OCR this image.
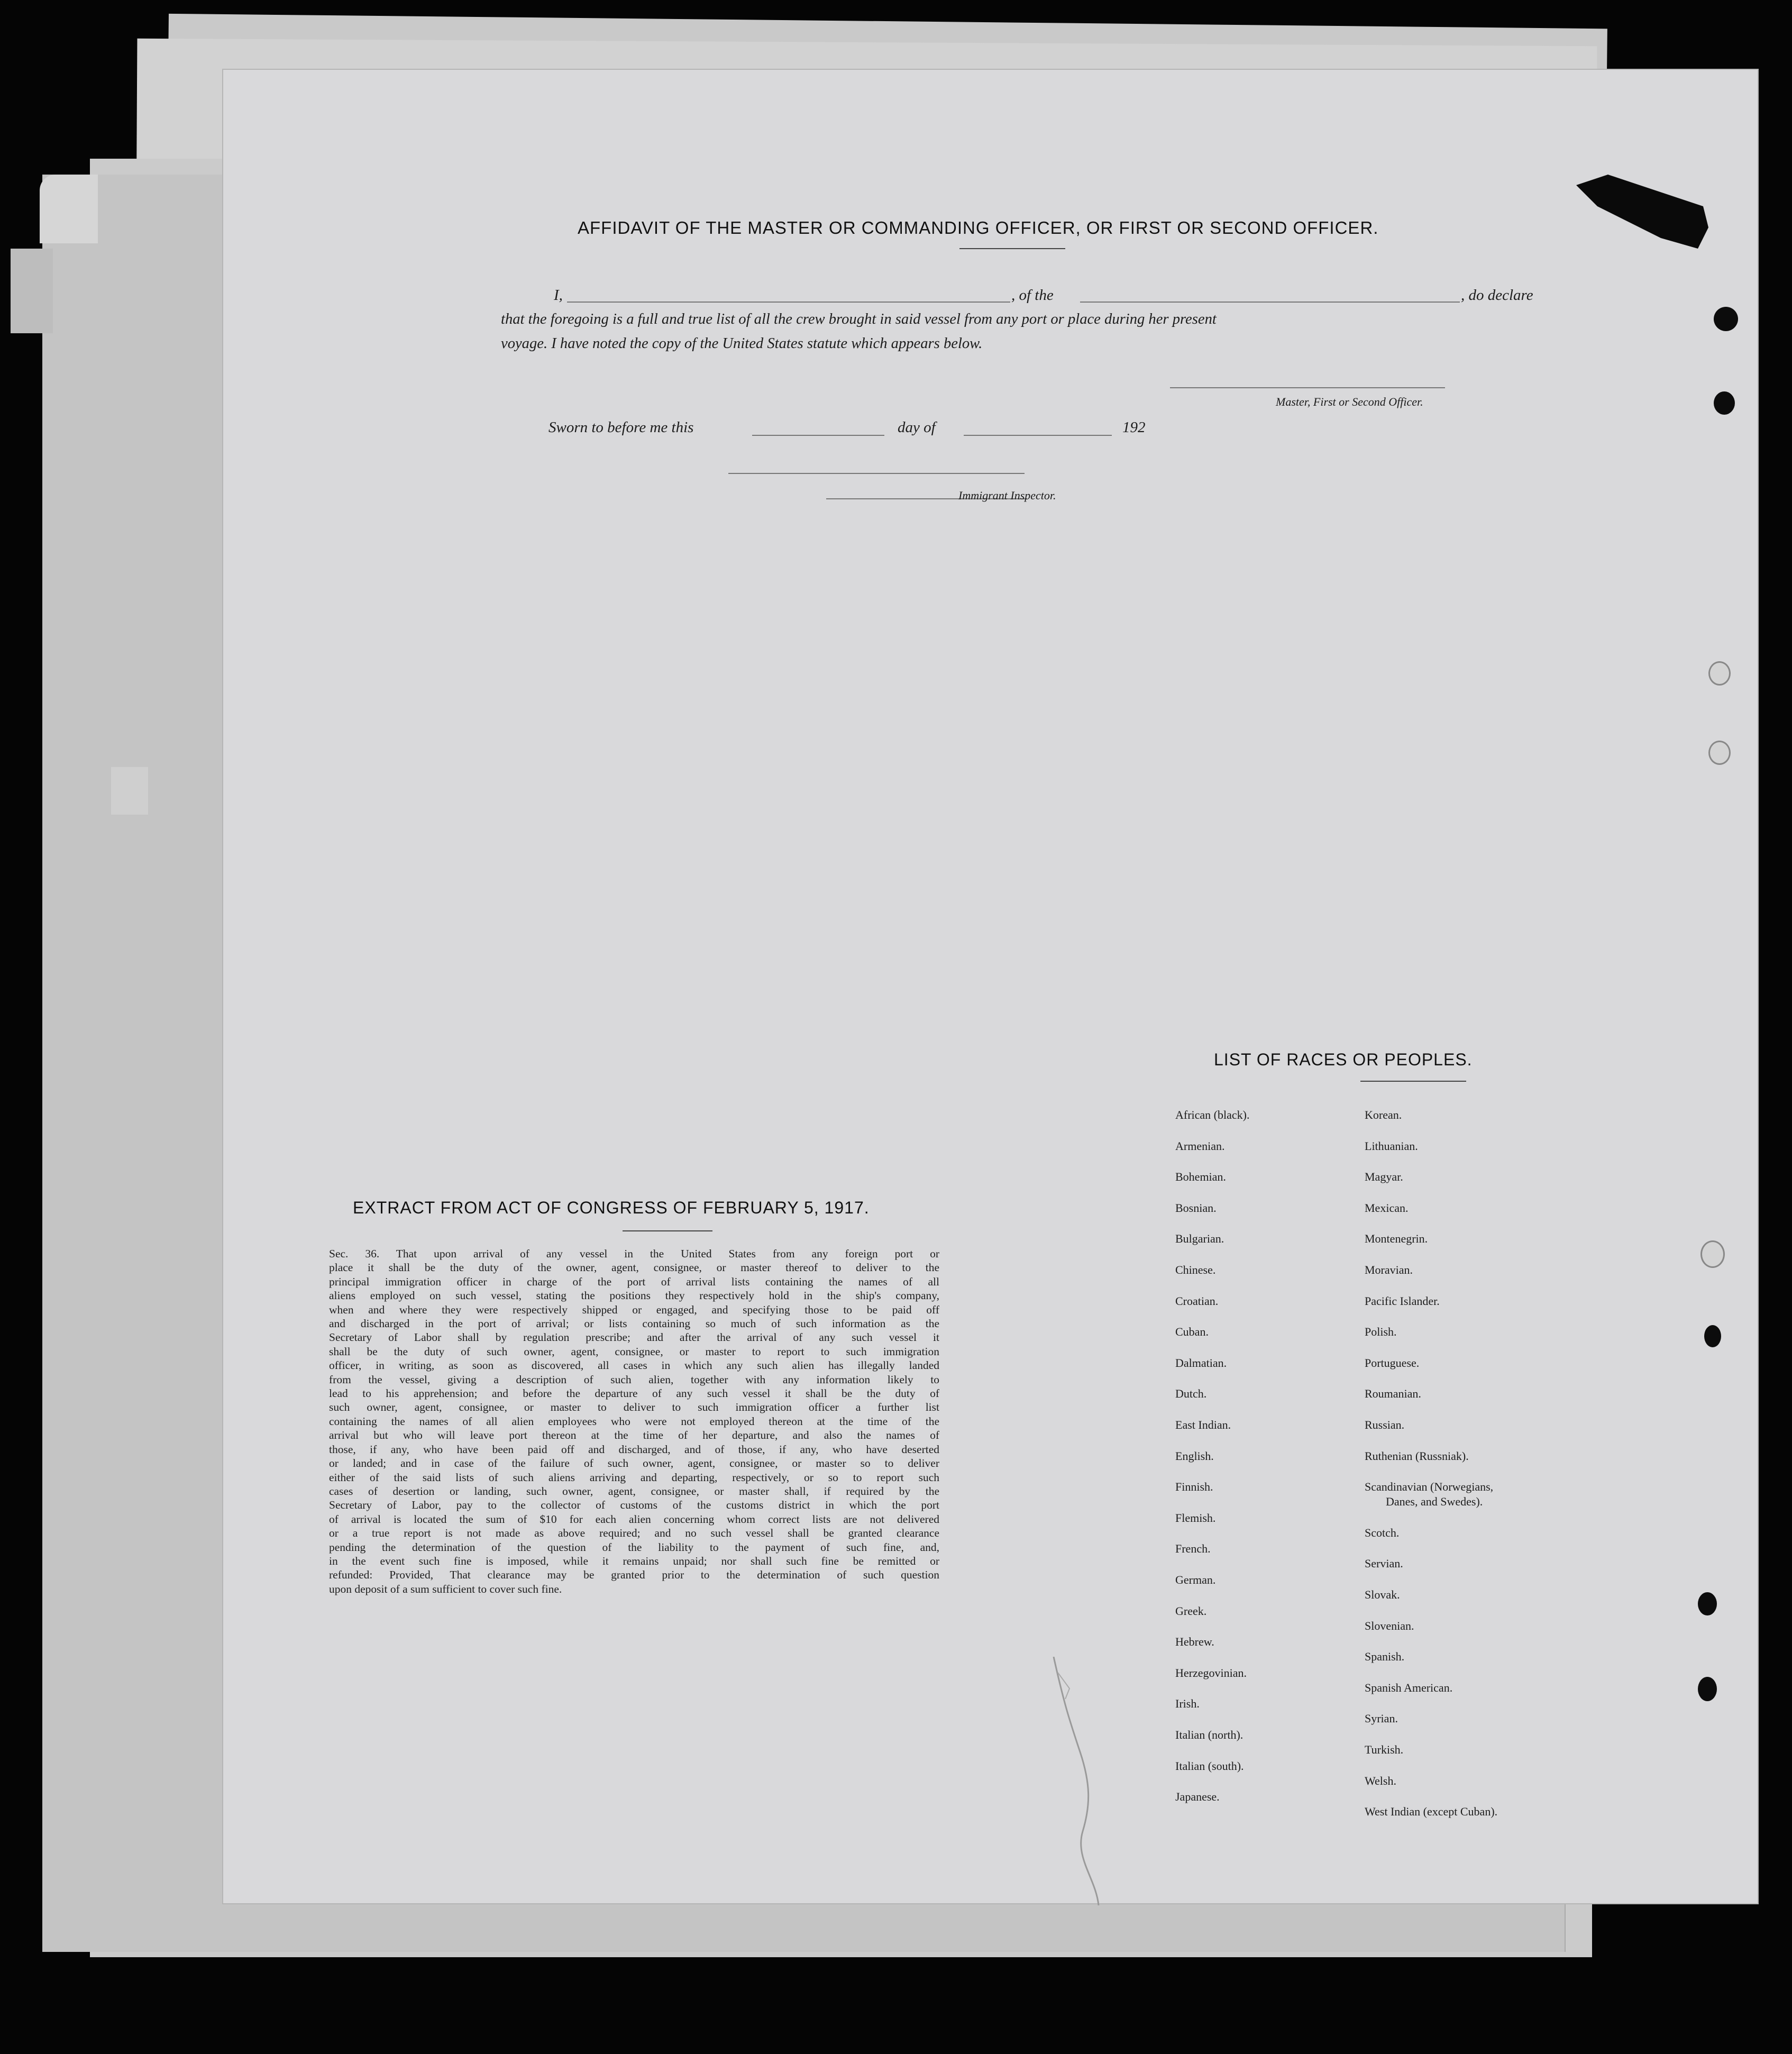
AFFIDAVIT OF THE MASTER OR COMMANDING OFFICER, OR FIRST OR SECOND OFFICER.
I,	, of the	, do declare
that the foregoing is a full and true list of all the crew brought in said vessel from any port or place during her present
voyage. I have noted the copy of the United States statute which appears below.
Master, First or Second Officer.
Sworn to before me this	day of	192
Immigrant Inspector.
EXTRACT FROM ACT OF CONGRESS OF FEBRUARY 5, 1917.
Sec. 36. That upon arrival of any vessel in the United States from any foreign port or
place it shall be the duty of the owner, agent, consignee, or master thereof to deliver to the
principal immigration officer in charge of the port of arrival lists containing the names of all
aliens employed on such vessel, stating the positions they respectively hold in the ship's company,
when and where they were respectively shipped or engaged, and specifying those to be paid off
and discharged in the port of arrival; or lists containing so much of such information as the
Secretary of Labor shall by regulation prescribe; and after the arrival of any such vessel it
shall be the duty of such owner, agent, consignee, or master to report to such immigration
officer, in writing, as soon as discovered, all cases in which any such alien has illegally landed
from the vessel, giving a description of such alien, together with any information likely to
lead to his apprehension; and before the departure of any such vessel it shall be the duty of
such owner, agent, consignee, or master to deliver to such immigration officer a further list
containing the names of all alien employees who were not employed thereon at the time of the
arrival but who will leave port thereon at the time of her departure, and also the names of
those, if any, who have been paid off and discharged, and of those, if any, who have deserted
or landed; and in case of the failure of such owner, agent, consignee, or master so to deliver
either of the said lists of such aliens arriving and departing, respectively, or so to report such
cases of desertion or landing, such owner, agent, consignee, or master shall, if required by the
Secretary of Labor, pay to the collector of customs of the customs district in which the port
of arrival is located the sum of $10 for each alien concerning whom correct lists are not delivered
or a true report is not made as above required; and no such vessel shall be granted clearance
pending the determination of the question of the liability to the payment of such fine, and,
in the event such fine is imposed, while it remains unpaid; nor shall such fine be remitted or
refunded: Provided, That clearance may be granted prior to the determination of such question
upon deposit of a sum sufficient to cover such fine.
LIST OF RACES OR PEOPLES.
African (black).
Armenian.
Bohemian.
Bosnian.
Bulgarian.
Chinese.
Croatian.
Cuban.
Dalmatian.
Dutch.
East Indian.
English.
Finnish.
Flemish.
French.
German.
Greek.
Hebrew.
Herzegovinian.
Irish.
Italian (north).
Italian (south).
Japanese.
Korean.
Lithuanian.
Magyar.
Mexican.
Montenegrin.
Moravian.
Pacific Islander.
Polish.
Portuguese.
Roumanian.
Russian.
Ruthenian (Russniak).
Scandinavian (Norwegians,
Danes, and Swedes).
Scotch.
Servian.
Slovak.
Slovenian.
Spanish.
Spanish American.
Syrian.
Turkish.
Welsh.
West Indian (except Cuban).
